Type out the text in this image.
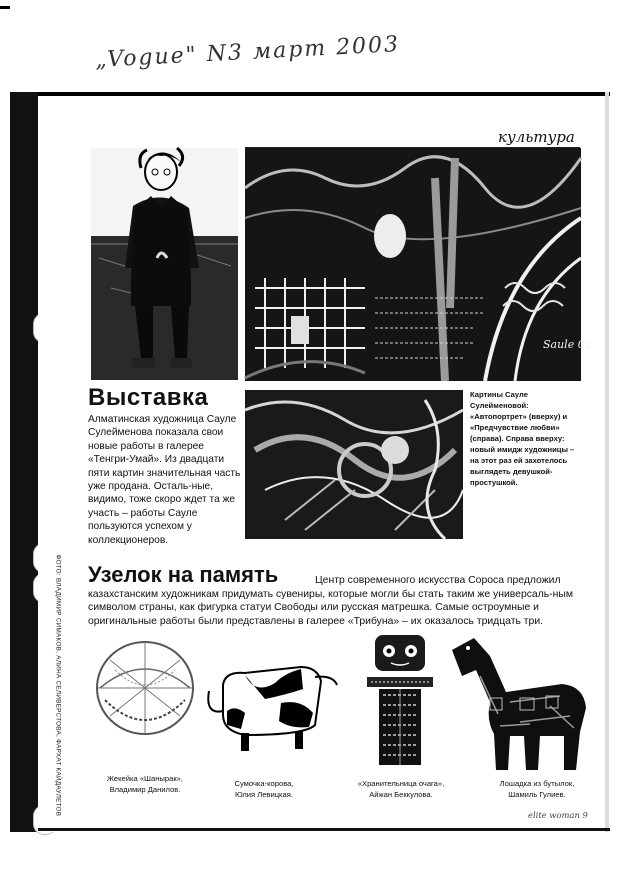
„Vogue" N3 март 2003
культура
Saule 02
Выставка
Алматинская художница Сауле Сулейменова показала свои новые работы в галерее «Тенгри-Умай». Из двадцати пяти картин значительная часть уже продана. Осталь-ные, видимо, тоже скоро ждет та же участь – работы Сауле пользуются успехом у коллекционеров.
Картины Сауле Сулейменовой: «Автопортрет» (вверху) и «Предчувствие любви» (справа). Справа вверху: новый имидж художницы – на этот раз ей захотелось выглядеть девушкой-простушкой.
Узелок на память	Центр современного искусства Сороса предложил казахстанским художникам придумать сувениры, которые могли бы стать таким же универсаль-ным символом страны, как фигурка статуи Свободы или русская матрешка. Самые остроумные и оригинальные работы были представлены в галерее «Трибуна» – их оказалось тридцать три.
Жекейка «Шанырак»,
Владимир Данилов.
Сумочка-корова,
Юлия Левицкая.
«Хранительница очага»,
Айжан Беккулова.
Лошадка из бутылок,
Шамиль Гулиев.
ФОТО: ВЛАДИМИР СИМАКОВ, АЛИНА СЕЛИВЕРСТОВА, ФАРХАТ КАЙДАУЛЕТОВ	elite woman 9
